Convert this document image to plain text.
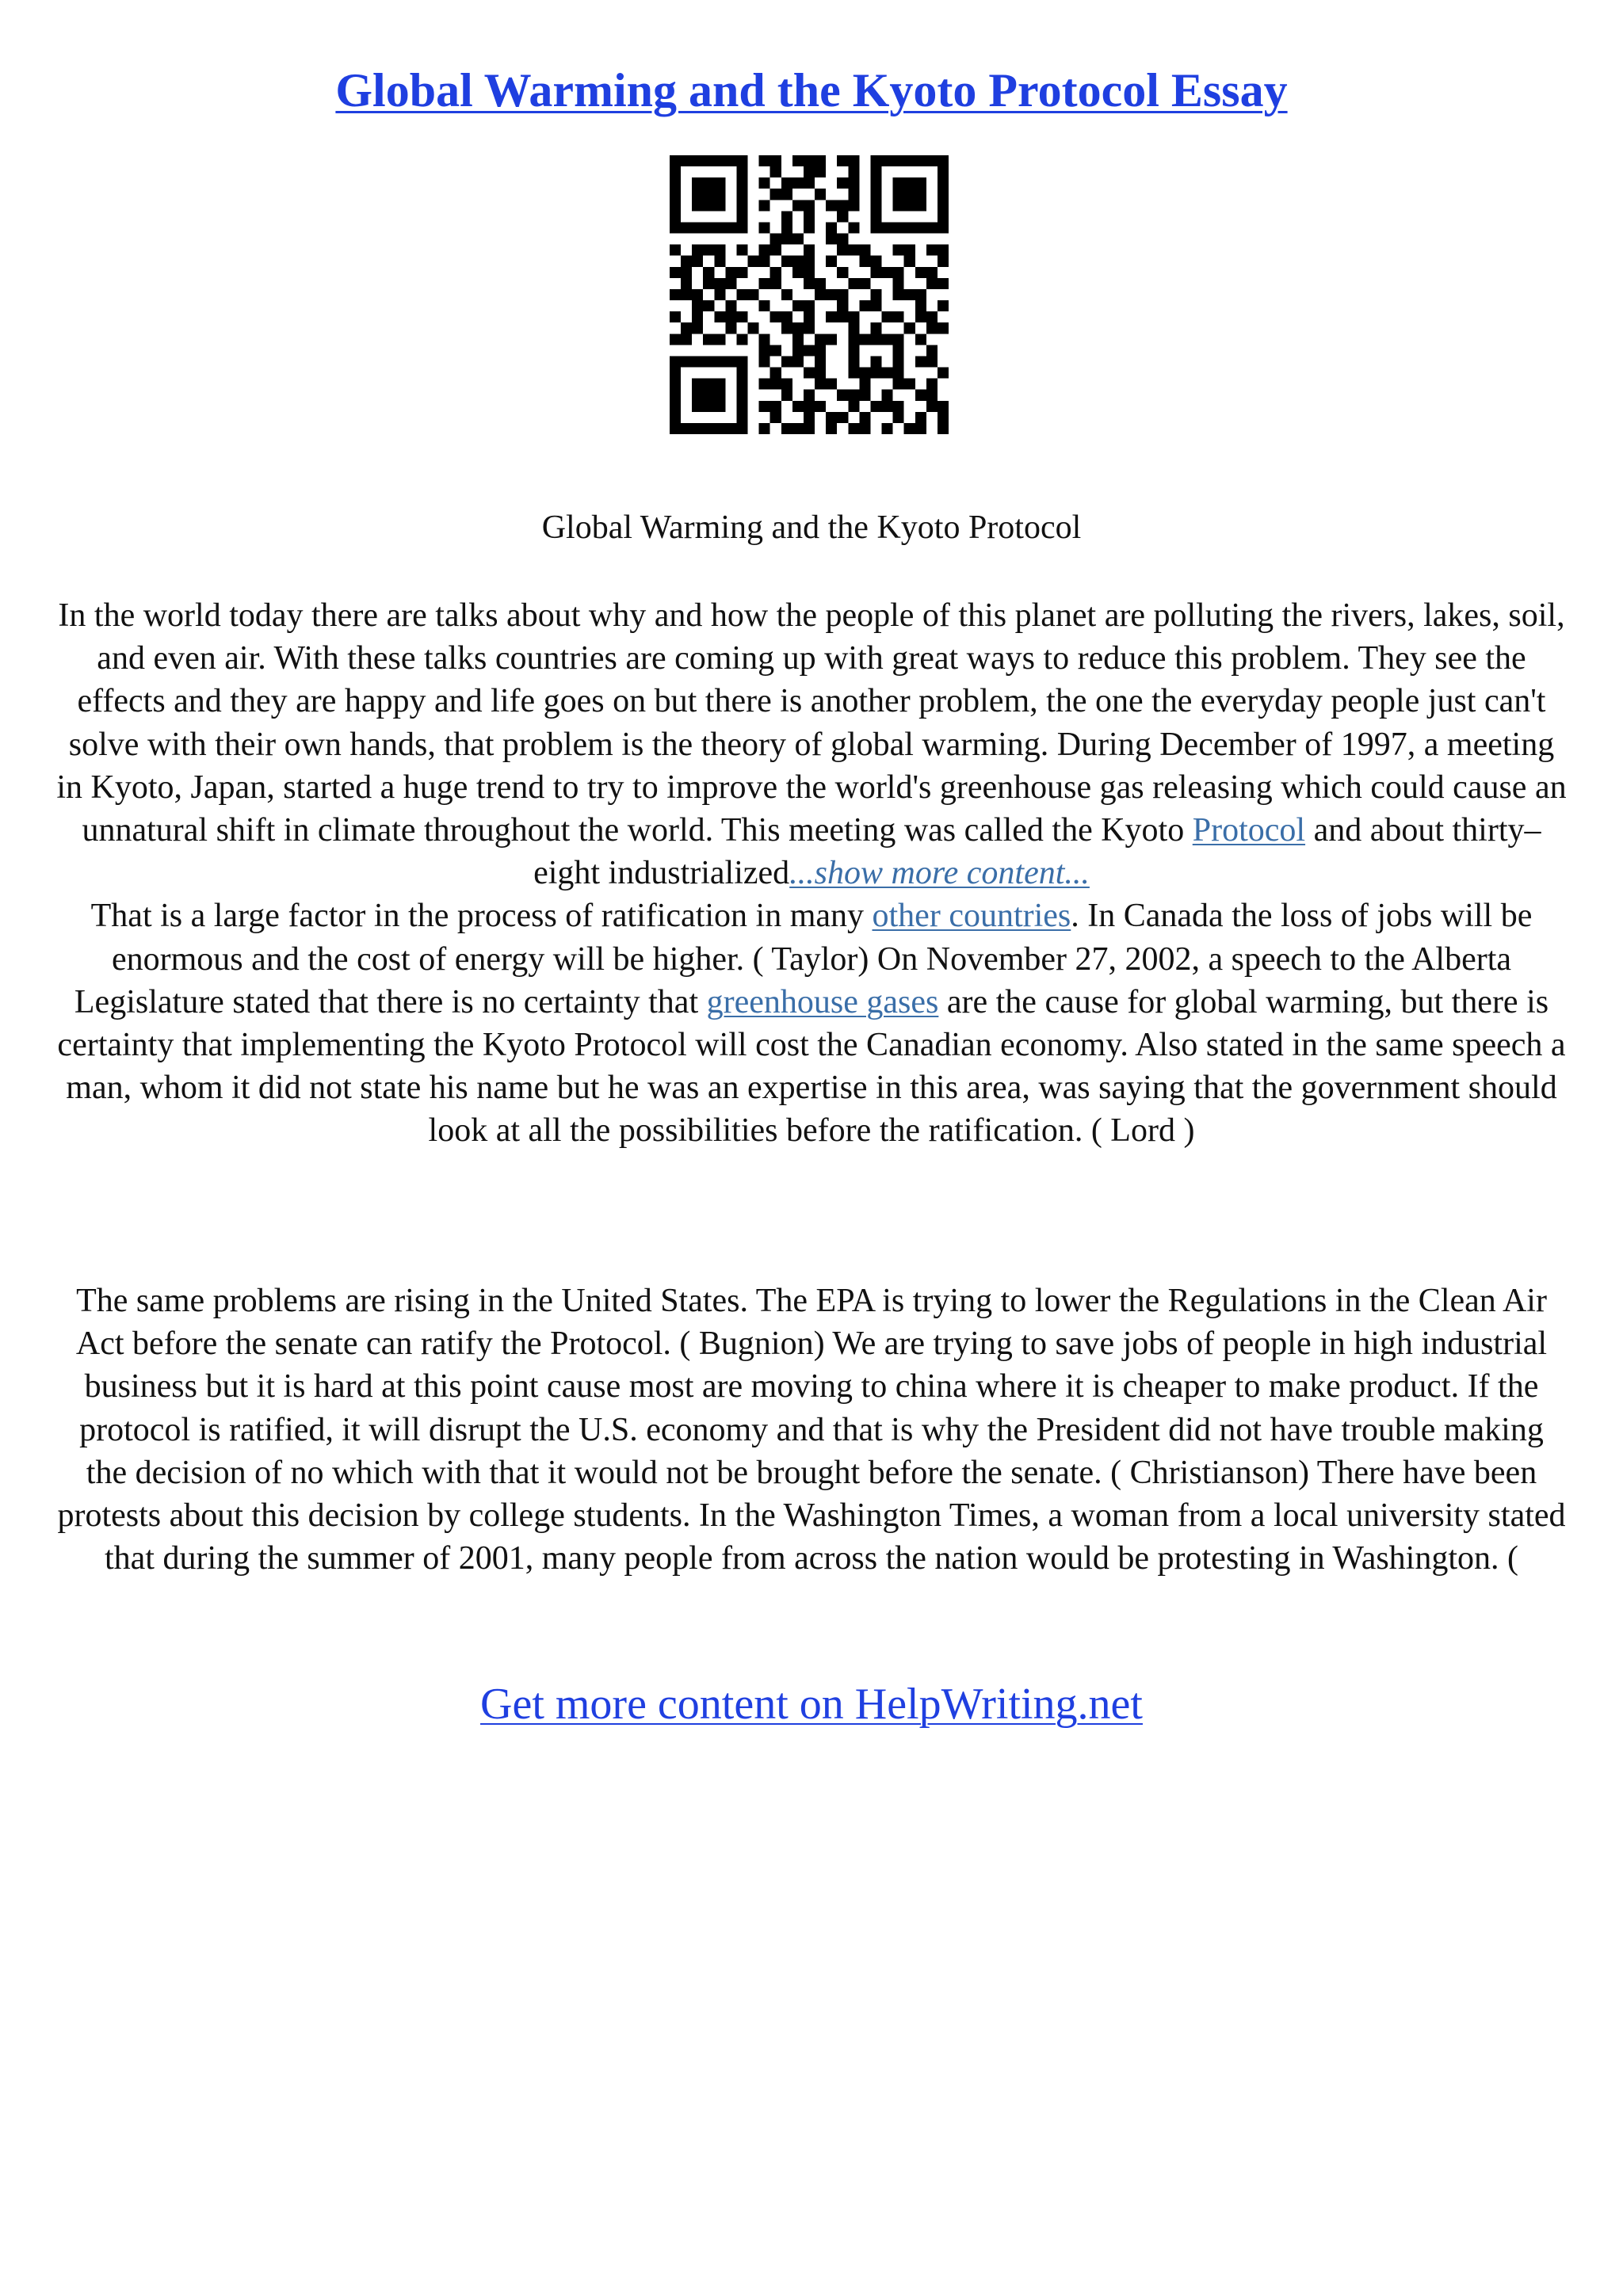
Global Warming and the Kyoto Protocol Essay
Global Warming and the Kyoto Protocol
In the world today there are talks about why and how the people of this planet are polluting the rivers, lakes, soil, and even air. With these talks countries are coming up with great ways to reduce this problem. They see the effects and they are happy and life goes on but there is another problem, the one the everyday people just can't solve with their own hands, that problem is the theory of global warming. During December of 1997, a meeting in Kyoto, Japan, started a huge trend to try to improve the world's greenhouse gas releasing which could cause an unnatural shift in climate throughout the world. This meeting was called the Kyoto Protocol and about thirty– eight industrialized...show more content...
That is a large factor in the process of ratification in many other countries. In Canada the loss of jobs will be enormous and the cost of energy will be higher. ( Taylor) On November 27, 2002, a speech to the Alberta Legislature stated that there is no certainty that greenhouse gases are the cause for global warming, but there is certainty that implementing the Kyoto Protocol will cost the Canadian economy. Also stated in the same speech a man, whom it did not state his name but he was an expertise in this area, was saying that the government should look at all the possibilities before the ratification. ( Lord )
The same problems are rising in the United States. The EPA is trying to lower the Regulations in the Clean Air Act before the senate can ratify the Protocol. ( Bugnion) We are trying to save jobs of people in high industrial business but it is hard at this point cause most are moving to china where it is cheaper to make product. If the protocol is ratified, it will disrupt the U.S. economy and that is why the President did not have trouble making the decision of no which with that it would not be brought before the senate. ( Christianson) There have been protests about this decision by college students. In the Washington Times, a woman from a local university stated that during the summer of 2001, many people from across the nation would be protesting in Washington. (
Get more content on HelpWriting.net
